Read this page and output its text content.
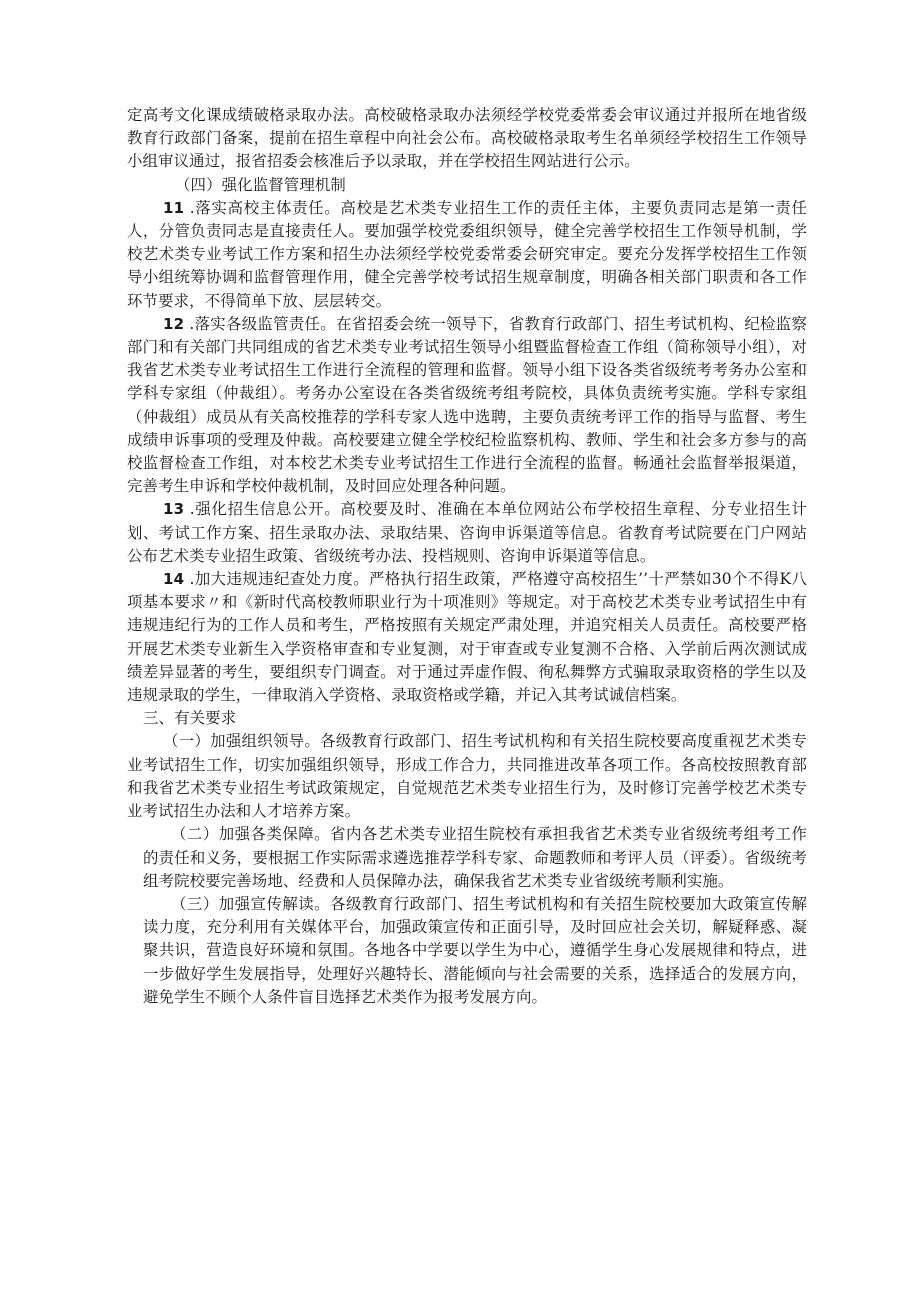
定高考文化课成绩破格录取办法。高校破格录取办法须经学校党委常委会审议通过并报所在地省级教育行政部门备案，提前在招生章程中向社会公布。高校破格录取考生名单须经学校招生工作领导小组审议通过，报省招委会核准后予以录取，并在学校招生网站进行公示。

（四）强化监督管理机制

11 .落实高校主体责任。高校是艺术类专业招生工作的责任主体，主要负责同志是第一责任人，分管负责同志是直接责任人。要加强学校党委组织领导，健全完善学校招生工作领导机制，学校艺术类专业考试工作方案和招生办法须经学校党委常委会研究审定。要充分发挥学校招生工作领导小组统筹协调和监督管理作用，健全完善学校考试招生规章制度，明确各相关部门职责和各工作环节要求，不得简单下放、层层转交。

12 .落实各级监管责任。在省招委会统一领导下，省教育行政部门、招生考试机构、纪检监察部门和有关部门共同组成的省艺术类专业考试招生领导小组暨监督检查工作组（简称领导小组），对我省艺术类专业考试招生工作进行全流程的管理和监督。领导小组下设各类省级统考考务办公室和学科专家组（仲裁组）。考务办公室设在各类省级统考组考院校，具体负责统考实施。学科专家组（仲裁组）成员从有关高校推荐的学科专家人选中选聘，主要负责统考评工作的指导与监督、考生成绩申诉事项的受理及仲裁。高校要建立健全学校纪检监察机构、教师、学生和社会多方参与的高校监督检查工作组，对本校艺术类专业考试招生工作进行全流程的监督。畅通社会监督举报渠道，完善考生申诉和学校仲裁机制，及时回应处理各种问题。

13 .强化招生信息公开。高校要及时、准确在本单位网站公布学校招生章程、分专业招生计划、考试工作方案、招生录取办法、录取结果、咨询申诉渠道等信息。省教育考试院要在门户网站公布艺术类专业招生政策、省级统考办法、投档规则、咨询申诉渠道等信息。

14 .加大违规违纪查处力度。严格执行招生政策，严格遵守高校招生’’十严禁如30个不得K八项基本要求〃和《新时代高校教师职业行为十项准则》等规定。对于高校艺术类专业考试招生中有违规违纪行为的工作人员和考生，严格按照有关规定严肃处理，并追究相关人员责任。高校要严格开展艺术类专业新生入学资格审查和专业复测，对于审查或专业复测不合格、入学前后两次测试成绩差异显著的考生，要组织专门调查。对于通过弄虚作假、徇私舞弊方式骗取录取资格的学生以及违规录取的学生，一律取消入学资格、录取资格或学籍，并记入其考试诚信档案。

三、有关要求

（一）加强组织领导。各级教育行政部门、招生考试机构和有关招生院校要高度重视艺术类专业考试招生工作，切实加强组织领导，形成工作合力，共同推进改革各项工作。各高校按照教育部和我省艺术类专业招生考试政策规定，自觉规范艺术类专业招生行为，及时修订完善学校艺术类专业考试招生办法和人才培养方案。

（二）加强各类保障。省内各艺术类专业招生院校有承担我省艺术类专业省级统考组考工作的责任和义务，要根据工作实际需求遴选推荐学科专家、命题教师和考评人员（评委）。省级统考组考院校要完善场地、经费和人员保障办法，确保我省艺术类专业省级统考顺利实施。

（三）加强宣传解读。各级教育行政部门、招生考试机构和有关招生院校要加大政策宣传解读力度，充分利用有关媒体平台，加强政策宣传和正面引导，及时回应社会关切，解疑释惑、凝聚共识，营造良好环境和氛围。各地各中学要以学生为中心，遵循学生身心发展规律和特点，进一步做好学生发展指导，处理好兴趣特长、潜能倾向与社会需要的关系，选择适合的发展方向，避免学生不顾个人条件盲目选择艺术类作为报考发展方向。
